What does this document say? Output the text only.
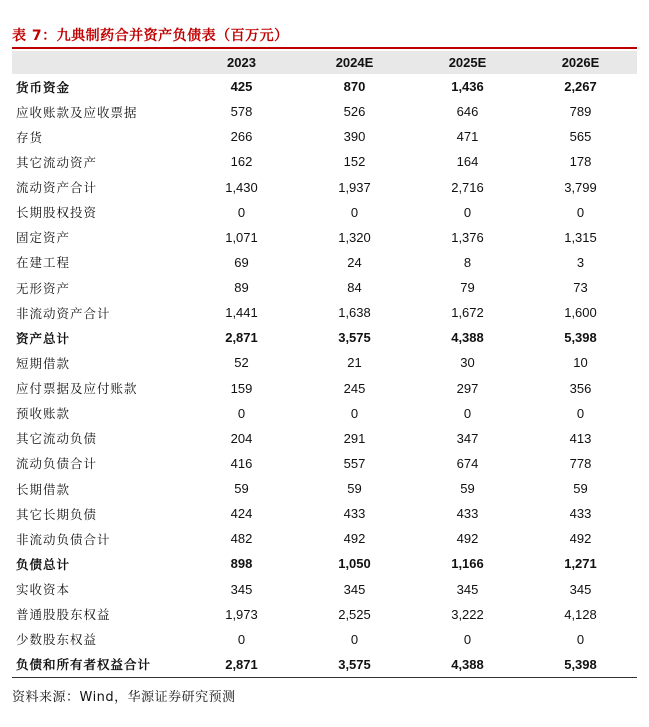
表 7：九典制药合并资产负债表（百万元）
	2023	2024E	2025E	2026E
货币资金	425	870	1,436	2,267
应收账款及应收票据	578	526	646	789
存货	266	390	471	565
其它流动资产	162	152	164	178
流动资产合计	1,430	1,937	2,716	3,799
长期股权投资	0	0	0	0
固定资产	1,071	1,320	1,376	1,315
在建工程	69	24	8	3
无形资产	89	84	79	73
非流动资产合计	1,441	1,638	1,672	1,600
资产总计	2,871	3,575	4,388	5,398
短期借款	52	21	30	10
应付票据及应付账款	159	245	297	356
预收账款	0	0	0	0
其它流动负债	204	291	347	413
流动负债合计	416	557	674	778
长期借款	59	59	59	59
其它长期负债	424	433	433	433
非流动负债合计	482	492	492	492
负债总计	898	1,050	1,166	1,271
实收资本	345	345	345	345
普通股股东权益	1,973	2,525	3,222	4,128
少数股东权益	0	0	0	0
负债和所有者权益合计	2,871	3,575	4,388	5,398
资料来源：Wind，华源证券研究预测
